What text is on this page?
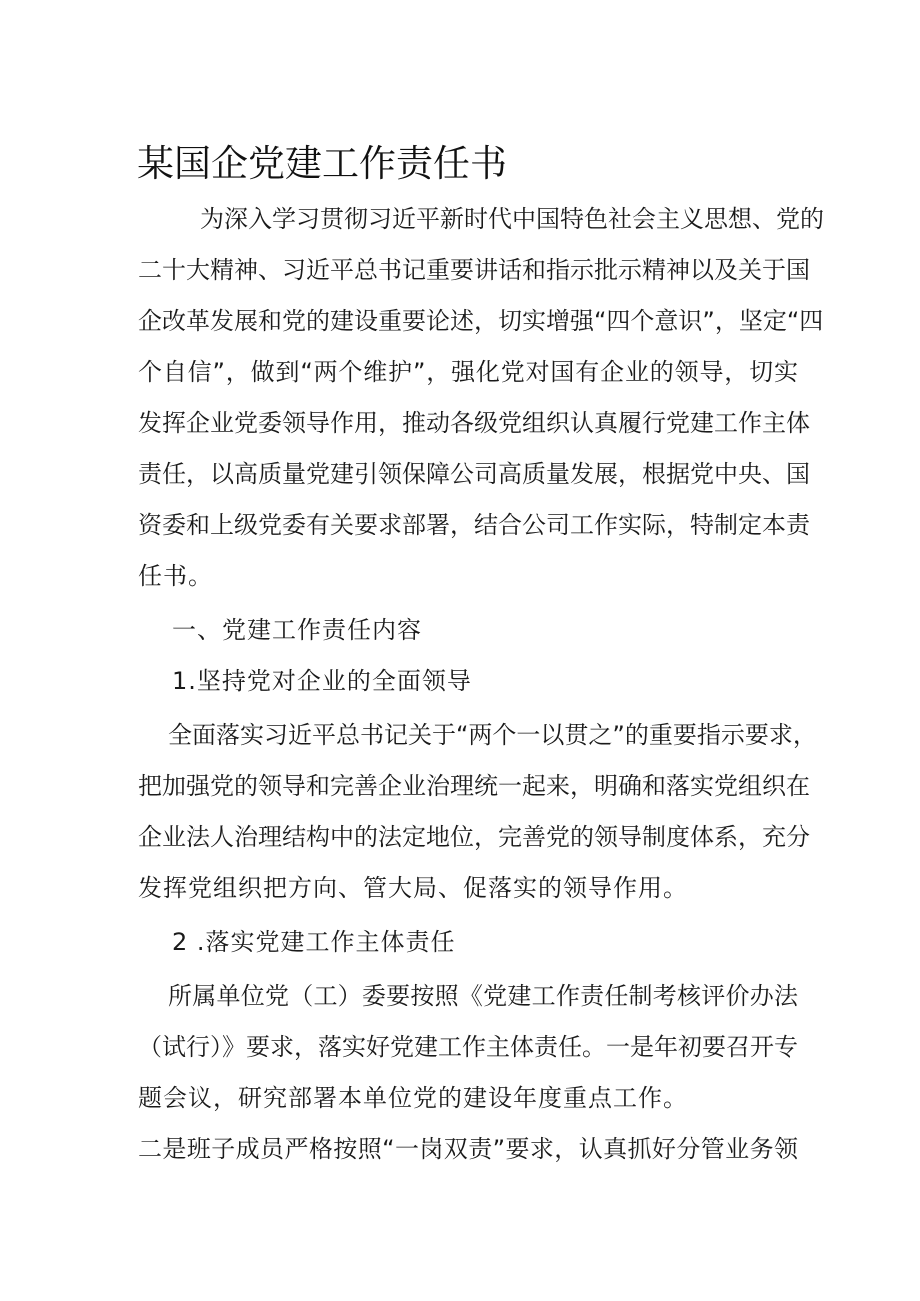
某国企党建工作责任书

为深入学习贯彻习近平新时代中国特色社会主义思想、党的

二十大精神、习近平总书记重要讲话和指示批示精神以及关于国

企改革发展和党的建设重要论述，切实增强“四个意识”，坚定“四

个自信”，做到“两个维护”，强化党对国有企业的领导，切实

发挥企业党委领导作用，推动各级党组织认真履行党建工作主体

责任，以高质量党建引领保障公司高质量发展，根据党中央、国

资委和上级党委有关要求部署，结合公司工作实际，特制定本责

任书。

一、党建工作责任内容

1.坚持党对企业的全面领导

全面落实习近平总书记关于“两个一以贯之”的重要指示要求，

把加强党的领导和完善企业治理统一起来，明确和落实党组织在

企业法人治理结构中的法定地位，完善党的领导制度体系，充分

发挥党组织把方向、管大局、促落实的领导作用。

2 .落实党建工作主体责任

所属单位党（工）委要按照《党建工作责任制考核评价办法

（试行）》要求，落实好党建工作主体责任。一是年初要召开专

题会议，研究部署本单位党的建设年度重点工作。

二是班子成员严格按照“一岗双责”要求，认真抓好分管业务领
